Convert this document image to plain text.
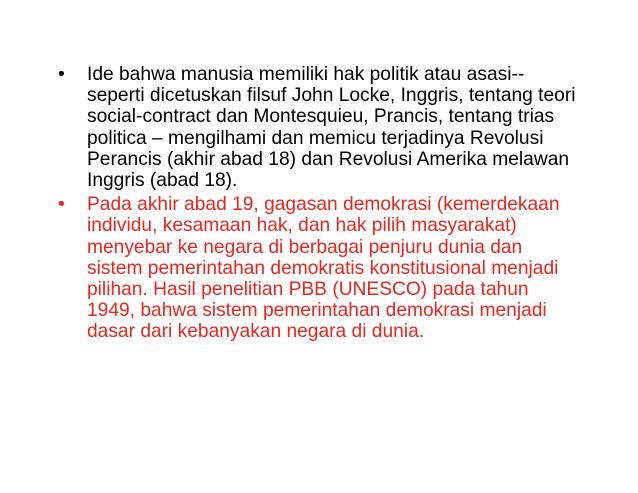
•	Ide bahwa manusia memiliki hak politik atau asasi-- seperti dicetuskan filsuf John Locke, Inggris, tentang teori social-contract dan Montesquieu, Prancis, tentang trias politica – mengilhami dan memicu terjadinya Revolusi Perancis (akhir abad 18) dan Revolusi Amerika melawan Inggris (abad 18).
•	Pada akhir abad 19, gagasan demokrasi (kemerdekaan individu, kesamaan hak, dan hak pilih masyarakat) menyebar ke negara di berbagai penjuru dunia dan sistem pemerintahan demokratis konstitusional menjadi pilihan. Hasil penelitian PBB (UNESCO) pada tahun 1949, bahwa sistem pemerintahan demokrasi menjadi dasar dari kebanyakan negara di dunia.
